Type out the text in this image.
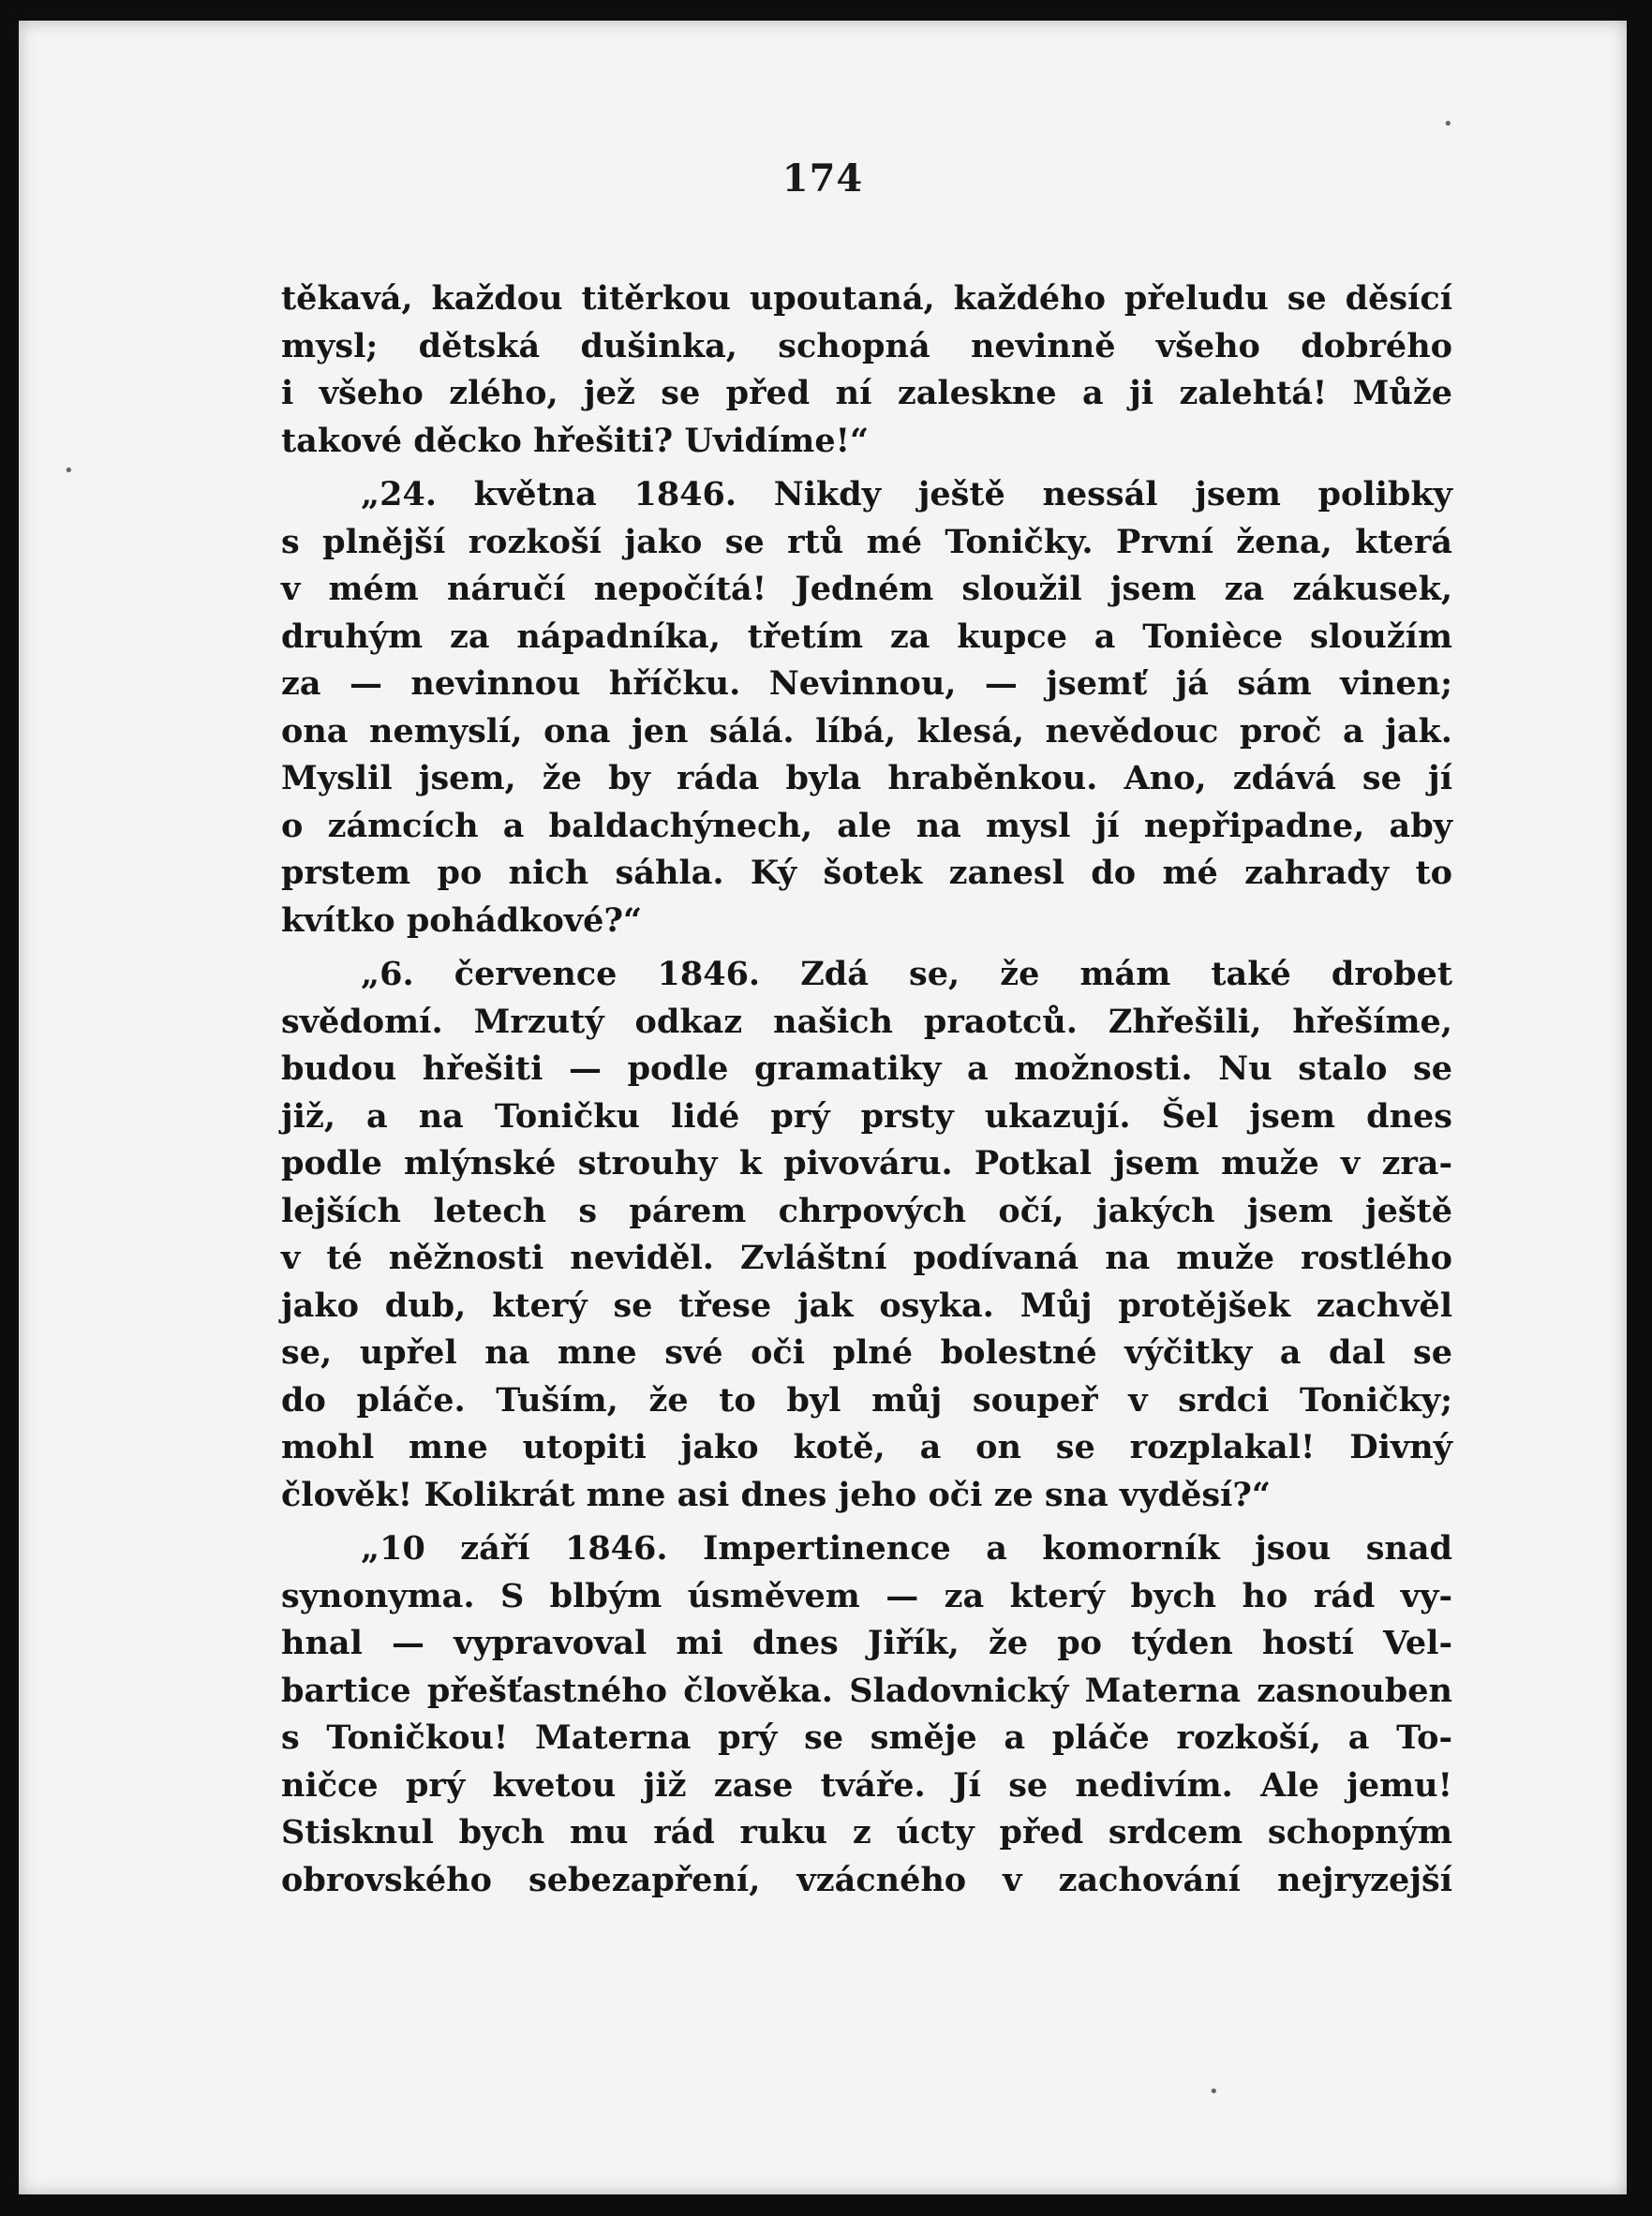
174
těkavá, každou titěrkou upoutaná, každého přeludu se děsící
mysl; dětská dušinka, schopná nevinně všeho dobrého
i všeho zlého, jež se před ní zaleskne a ji zalehtá! Může
takové děcko hřešiti? Uvidíme!“
„24. května 1846. Nikdy ještě nessál jsem polibky
s plnější rozkoší jako se rtů mé Toničky. První žena, která
v mém náručí nepočítá! Jedném sloužil jsem za zákusek,
druhým za nápadníka, třetím za kupce a Tonièce sloužím
za — nevinnou hříčku. Nevinnou, — jsemť já sám vinen;
ona nemyslí, ona jen sálá. líbá, klesá, nevědouc proč a jak.
Myslil jsem, že by ráda byla hraběnkou. Ano, zdává se jí
o zámcích a baldachýnech, ale na mysl jí nepřipadne, aby
prstem po nich sáhla. Ký šotek zanesl do mé zahrady to
kvítko pohádkové?“
„6. července 1846. Zdá se, že mám také drobet
svědomí. Mrzutý odkaz našich praotců. Zhřešili, hřešíme,
budou hřešiti — podle gramatiky a možnosti. Nu stalo se
již, a na Toničku lidé prý prsty ukazují. Šel jsem dnes
podle mlýnské strouhy k pivováru. Potkal jsem muže v zra-
lejších letech s párem chrpových očí, jakých jsem ještě
v té něžnosti neviděl. Zvláštní podívaná na muže rostlého
jako dub, který se třese jak osyka. Můj protějšek zachvěl
se, upřel na mne své oči plné bolestné výčitky a dal se
do pláče. Tuším, že to byl můj soupeř v srdci Toničky;
mohl mne utopiti jako kotě, a on se rozplakal! Divný
člověk! Kolikrát mne asi dnes jeho oči ze sna vyděsí?“
„10 září 1846. Impertinence a komorník jsou snad
synonyma. S blbým úsměvem — za který bych ho rád vy-
hnal — vypravoval mi dnes Jiřík, že po týden hostí Vel-
bartice přešťastného člověka. Sladovnický Materna zasnouben
s Toničkou! Materna prý se směje a pláče rozkoší, a To-
ničce prý kvetou již zase tváře. Jí se nedivím. Ale jemu!
Stisknul bych mu rád ruku z úcty před srdcem schopným
obrovského sebezapření, vzácného v zachování nejryzejší
•
•
•
